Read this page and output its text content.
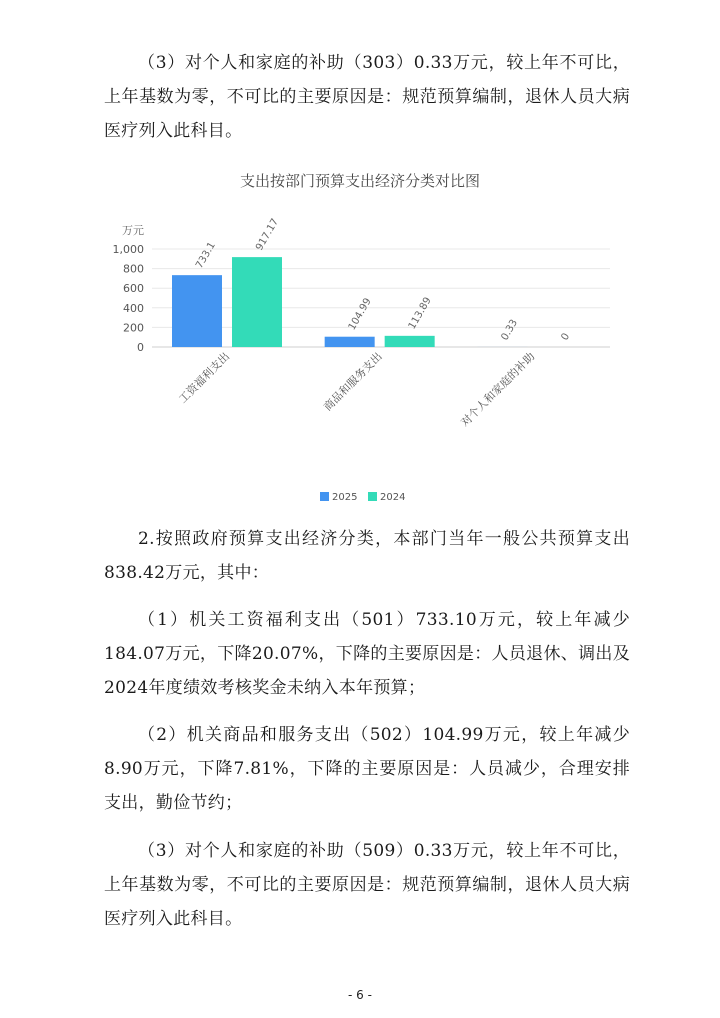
（3）对个人和家庭的补助（303）0.33万元，较上年不可比，上年基数为零，不可比的主要原因是：规范预算编制，退休人员大病医疗列入此科目。

支出按部门预算支出经济分类对比图
万元
0
200
400
600
800
1,000
工资福利支出	商品和服务支出	对个人和家庭的补助
733.1
917.17
104.99	113.89	0.33	0
2025 2024

2.按照政府预算支出经济分类，本部门当年一般公共预算支出838.42万元，其中：

（1）机关工资福利支出（501）733.10万元，较上年减少184.07万元，下降20.07%，下降的主要原因是：人员退休、调出及2024年度绩效考核奖金未纳入本年预算；

（2）机关商品和服务支出（502）104.99万元，较上年减少8.90万元，下降7.81%，下降的主要原因是：人员减少，合理安排支出，勤俭节约；

（3）对个人和家庭的补助（509）0.33万元，较上年不可比，上年基数为零，不可比的主要原因是：规范预算编制，退休人员大病医疗列入此科目。

- 6 -
